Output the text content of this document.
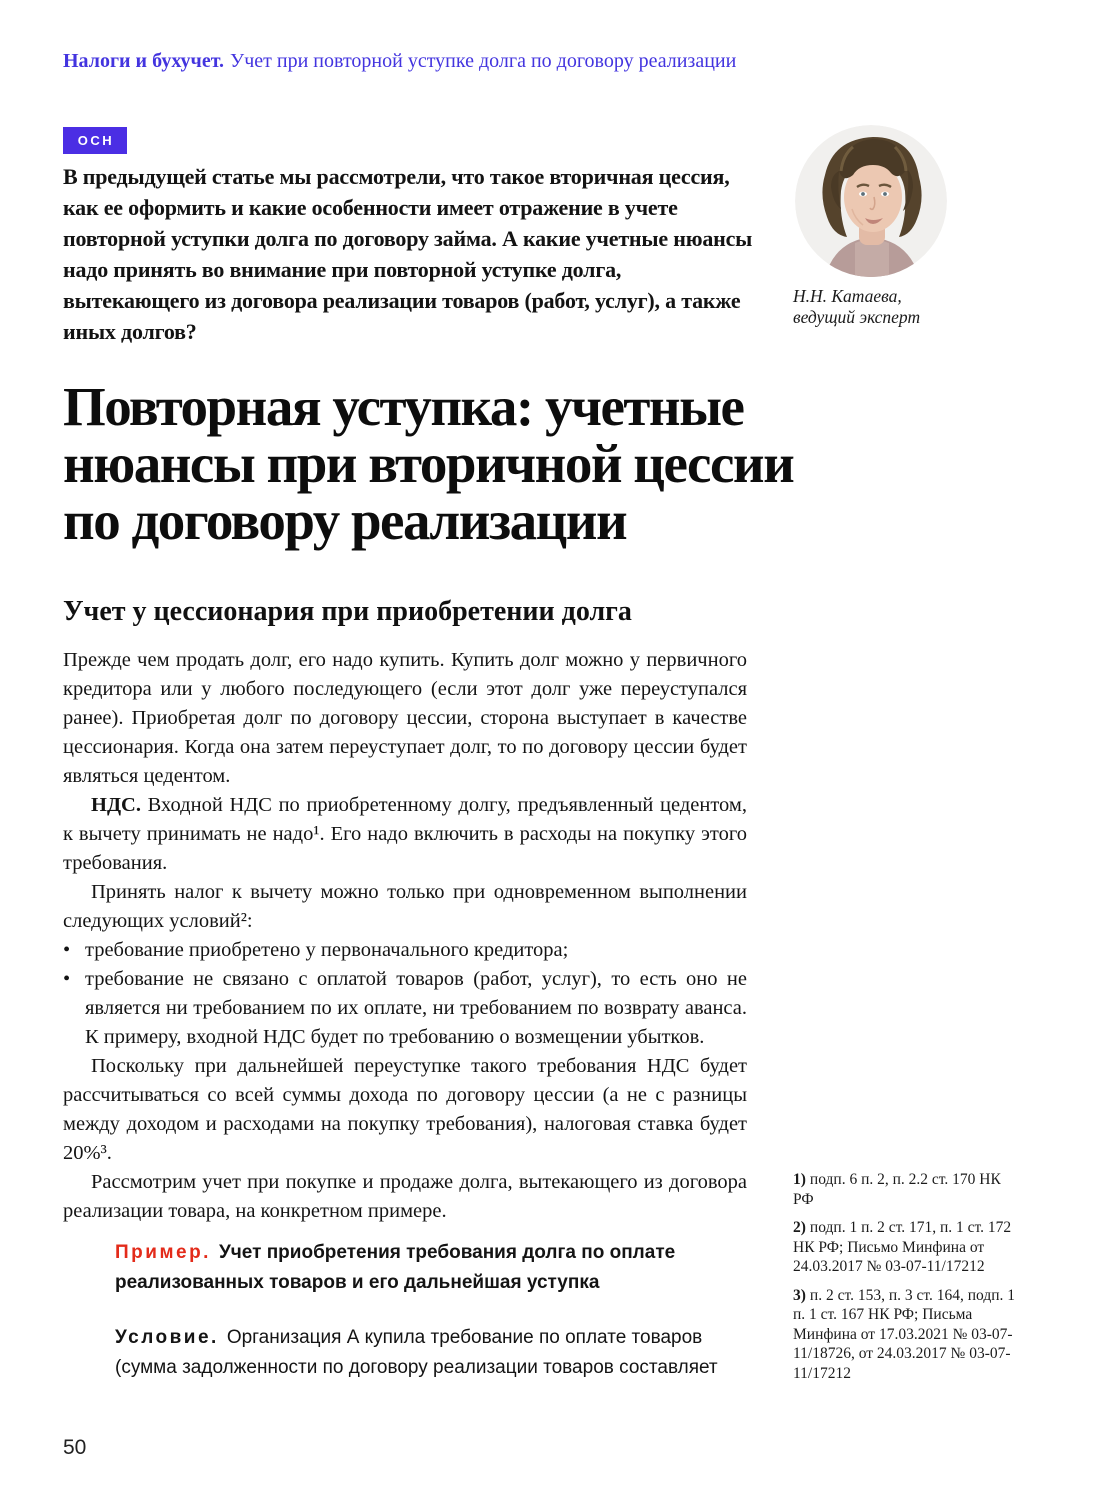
Налоги и бухучет. Учет при повторной уступке долга по договору реализации
ОСН
В предыдущей статье мы рассмотрели, что такое вторичная цессия, как ее оформить и какие особенности имеет отражение в учете повторной уступки долга по договору займа. А какие учетные нюансы надо принять во внимание при повторной уступке долга, вытекающего из договора реализации товаров (работ, услуг), а также иных долгов?
Н.Н. Катаева,
ведущий эксперт
Повторная уступка: учетные
нюансы при вторичной цессии
по договору реализации
Учет у цессионария при приобретении долга

Прежде чем продать долг, его надо купить. Купить долг можно у первичного кредитора или у любого последующего (если этот долг уже переуступался ранее). Приобретая долг по договору цессии, сторона выступает в качестве цессионария. Когда она затем переуступает долг, то по договору цессии будет являться цедентом.

НДС. Входной НДС по приобретенному долгу, предъявленный цедентом, к вычету принимать не надо¹. Его надо включить в расходы на покупку этого требования.

Принять налог к вычету можно только при одновременном выполнении следующих условий²:

•
требование приобретено у первоначального кредитора;
•
требование не связано с оплатой товаров (работ, услуг), то есть оно не является ни требованием по их оплате, ни требованием по возврату аванса. К примеру, входной НДС будет по требованию о возмещении убытков.

Поскольку при дальнейшей переуступке такого требования НДС будет рассчитываться со всей суммы дохода по договору цессии (а не с разницы между доходом и расходами на покупку требования), налоговая ставка будет 20%³.

Рассмотрим учет при покупке и продаже долга, вытекающего из договора реализации товара, на конкретном примере.

Пример. Учет приобретения требования долга по оплате реализованных товаров и его дальнейшая уступка

Условие. Организация А купила требование по оплате товаров (сумма задолженности по договору реализации товаров составляет

1) подп. 6 п. 2, п. 2.2 ст. 170 НК РФ

2) подп. 1 п. 2 ст. 171, п. 1 ст. 172 НК РФ; Письмо Минфина от 24.03.2017 № 03-07-11/17212

3) п. 2 ст. 153, п. 3 ст. 164, подп. 1 п. 1 ст. 167 НК РФ; Письма Минфина от 17.03.2021 № 03-07-11/18726, от 24.03.2017 № 03-07-11/17212

50
